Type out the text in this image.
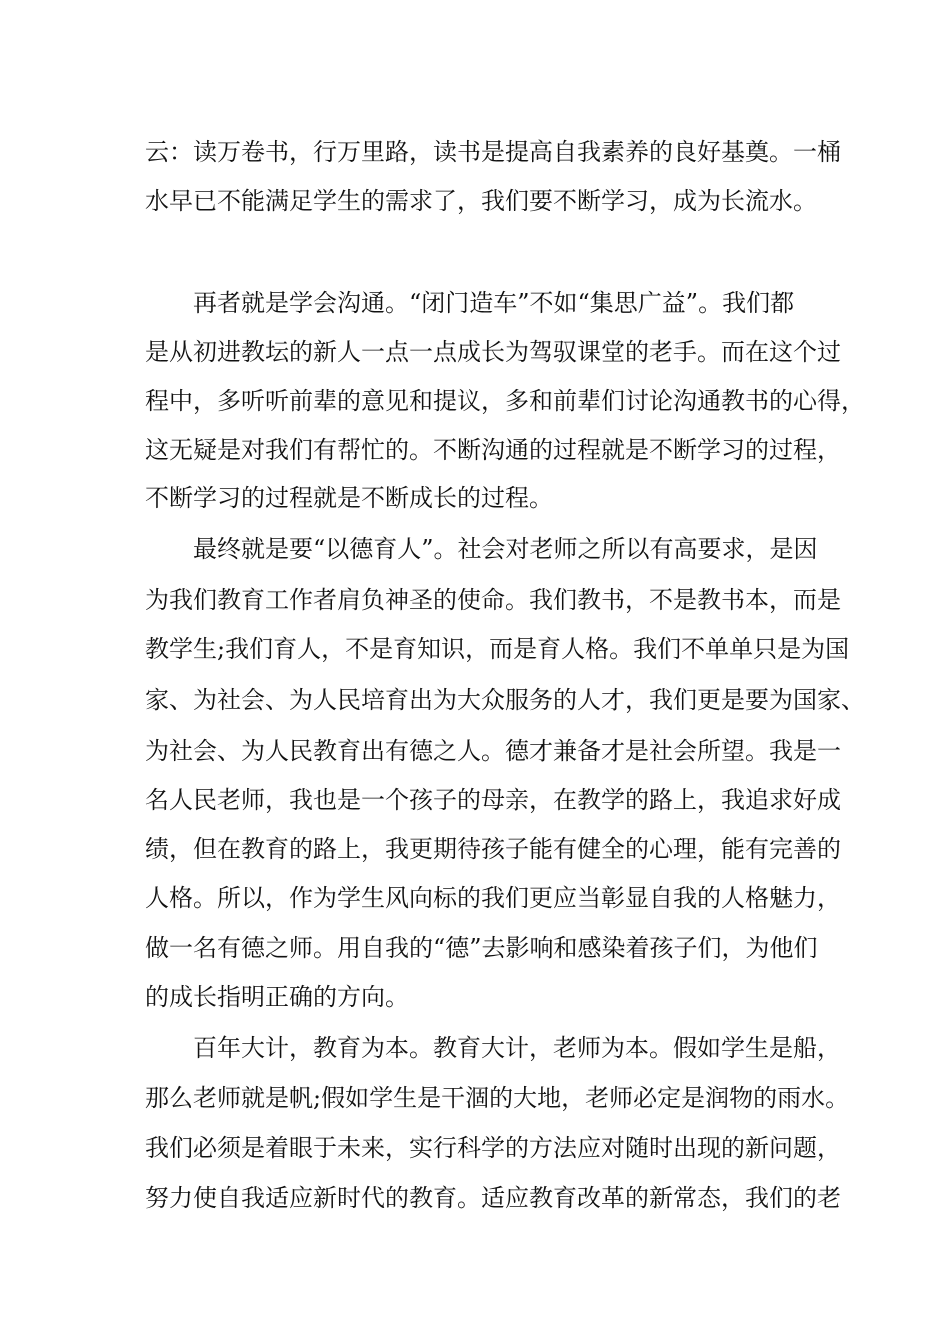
云：读万卷书，行万里路，读书是提高自我素养的良好基奠。一桶

水早已不能满足学生的需求了，我们要不断学习，成为长流水。

再者就是学会沟通。“闭门造车”不如“集思广益”。我们都

是从初进教坛的新人一点一点成长为驾驭课堂的老手。而在这个过

程中，多听听前辈的意见和提议，多和前辈们讨论沟通教书的心得，

这无疑是对我们有帮忙的。不断沟通的过程就是不断学习的过程，

不断学习的过程就是不断成长的过程。

最终就是要“以德育人”。社会对老师之所以有高要求，是因

为我们教育工作者肩负神圣的使命。我们教书，不是教书本，而是

教学生;我们育人，不是育知识，而是育人格。我们不单单只是为国

家、为社会、为人民培育出为大众服务的人才，我们更是要为国家、

为社会、为人民教育出有德之人。德才兼备才是社会所望。我是一

名人民老师，我也是一个孩子的母亲，在教学的路上，我追求好成

绩，但在教育的路上，我更期待孩子能有健全的心理，能有完善的

人格。所以，作为学生风向标的我们更应当彰显自我的人格魅力，

做一名有德之师。用自我的“德”去影响和感染着孩子们，为他们

的成长指明正确的方向。

百年大计，教育为本。教育大计，老师为本。假如学生是船，

那么老师就是帆;假如学生是干涸的大地，老师必定是润物的雨水。

我们必须是着眼于未来，实行科学的方法应对随时出现的新问题，

努力使自我适应新时代的教育。适应教育改革的新常态，我们的老
